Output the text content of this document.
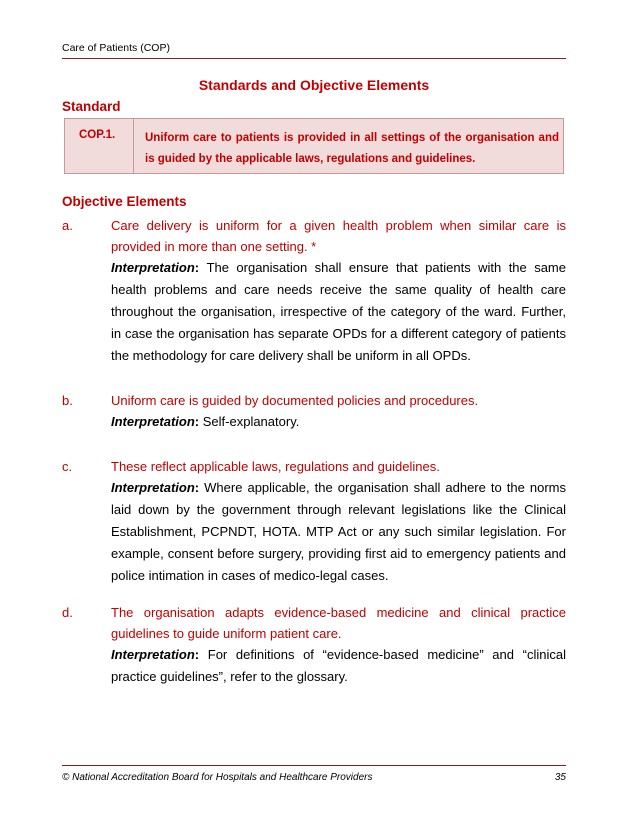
Care of Patients (COP)
Standards and Objective Elements
Standard
COP.1.	Uniform care to patients is provided in all settings of the organisation and is guided by the applicable laws, regulations and guidelines.
Objective Elements
a.	Care delivery is uniform for a given health problem when similar care is provided in more than one setting. *
Interpretation: The organisation shall ensure that patients with the same health problems and care needs receive the same quality of health care throughout the organisation, irrespective of the category of the ward. Further, in case the organisation has separate OPDs for a different category of patients the methodology for care delivery shall be uniform in all OPDs.
b.	Uniform care is guided by documented policies and procedures.
Interpretation: Self-explanatory.
c.	These reflect applicable laws, regulations and guidelines.
Interpretation: Where applicable, the organisation shall adhere to the norms laid down by the government through relevant legislations like the Clinical Establishment, PCPNDT, HOTA. MTP Act or any such similar legislation. For example, consent before surgery, providing first aid to emergency patients and police intimation in cases of medico-legal cases.
d.	The organisation adapts evidence-based medicine and clinical practice guidelines to guide uniform patient care.
Interpretation: For definitions of “evidence-based medicine” and “clinical practice guidelines”, refer to the glossary.
© National Accreditation Board for Hospitals and Healthcare Providers	35
